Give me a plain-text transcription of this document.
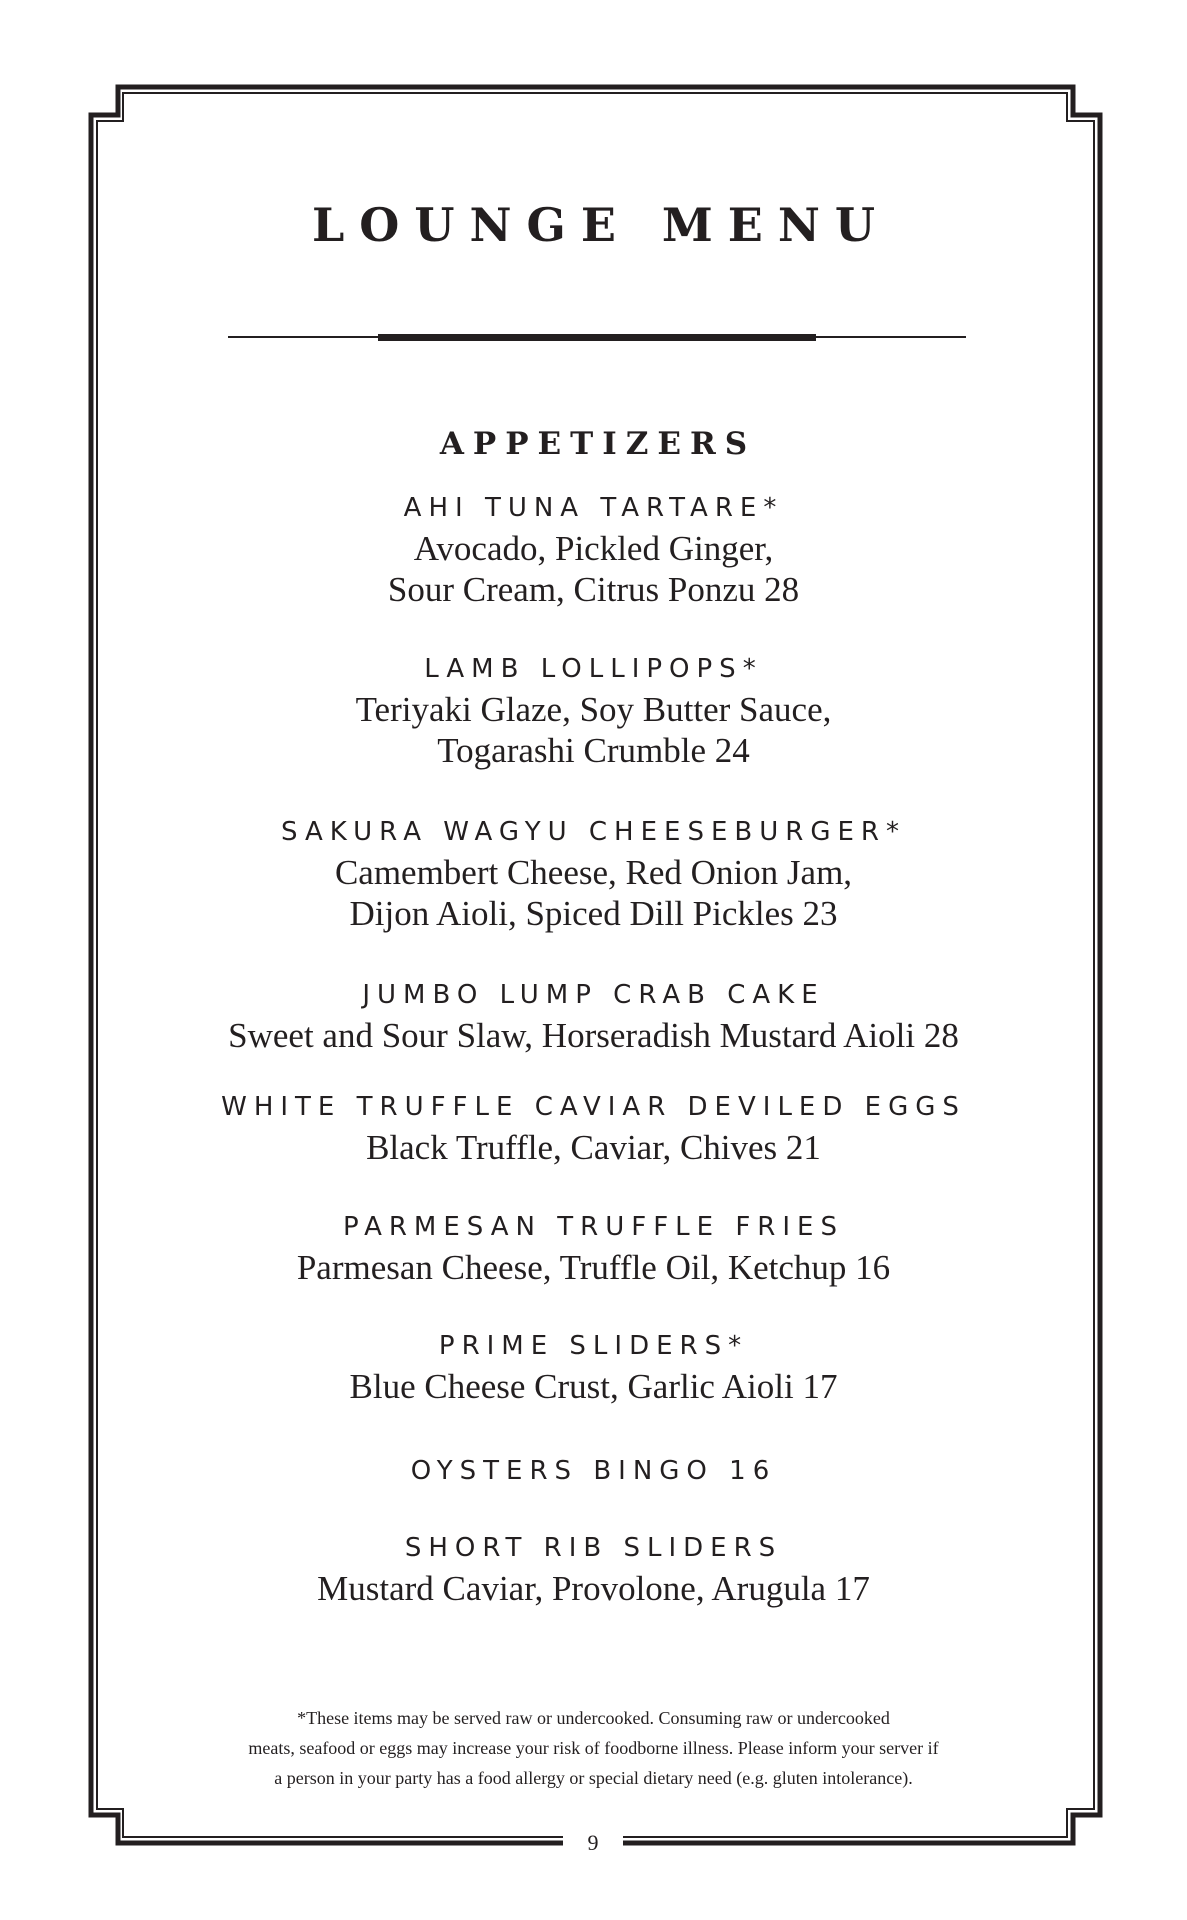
LOUNGE MENU
APPETIZERS
AHI TUNA TARTARE*
Avocado, Pickled Ginger,
Sour Cream, Citrus Ponzu 28
LAMB LOLLIPOPS*
Teriyaki Glaze, Soy Butter Sauce,
Togarashi Crumble 24
SAKURA WAGYU CHEESEBURGER*
Camembert Cheese, Red Onion Jam,
Dijon Aioli, Spiced Dill Pickles 23
JUMBO LUMP CRAB CAKE
Sweet and Sour Slaw, Horseradish Mustard Aioli 28
WHITE TRUFFLE CAVIAR DEVILED EGGS
Black Truffle, Caviar, Chives 21
PARMESAN TRUFFLE FRIES
Parmesan Cheese, Truffle Oil, Ketchup 16
PRIME SLIDERS*
Blue Cheese Crust, Garlic Aioli 17
OYSTERS BINGO 16
SHORT RIB SLIDERS
Mustard Caviar, Provolone, Arugula 17
*These items may be served raw or undercooked. Consuming raw or undercooked
meats, seafood or eggs may increase your risk of foodborne illness. Please inform your server if
a person in your party has a food allergy or special dietary need (e.g. gluten intolerance).
9
